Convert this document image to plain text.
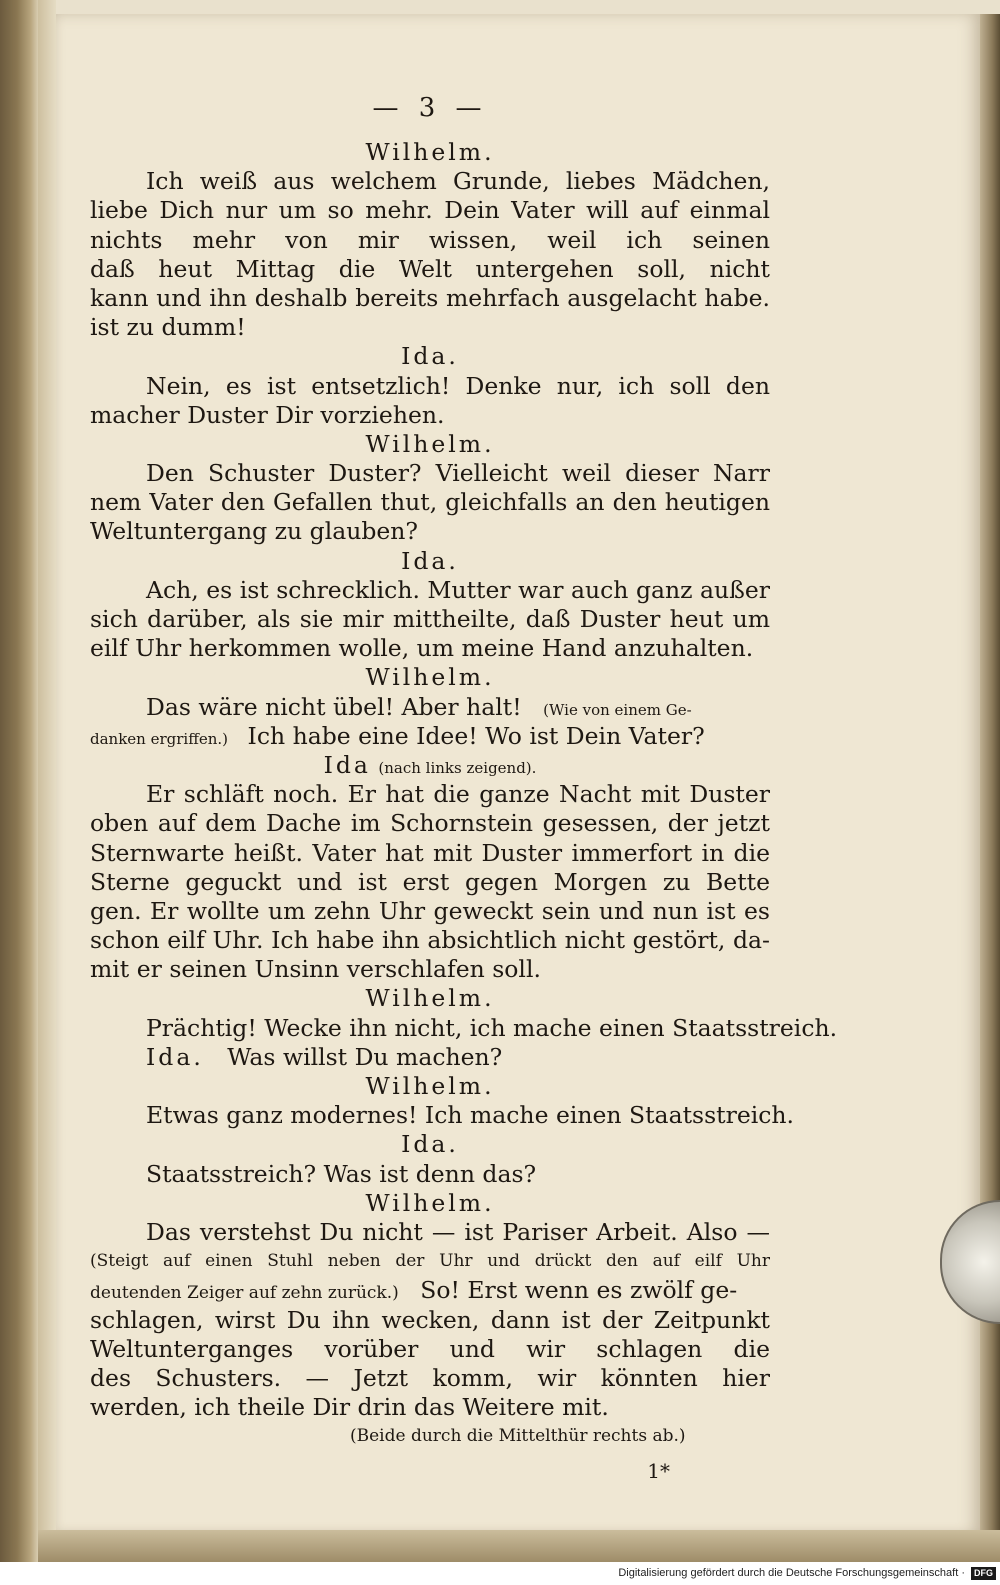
— 3 —
Wilhelm.
Ich weiß aus welchem Grunde, liebes Mädchen,
liebe Dich nur um so mehr. Dein Vater will auf einmal
nichts mehr von mir wissen, weil ich seinen
daß heut Mittag die Welt untergehen soll, nicht
kann und ihn deshalb bereits mehrfach ausgelacht habe.
ist zu dumm!
Ida.
Nein, es ist entsetzlich! Denke nur, ich soll den
macher Duster Dir vorziehen.
Wilhelm.
Den Schuster Duster? Vielleicht weil dieser Narr
nem Vater den Gefallen thut, gleichfalls an den heutigen
Weltuntergang zu glauben?
Ida.
Ach, es ist schrecklich. Mutter war auch ganz außer
sich darüber, als sie mir mittheilte, daß Duster heut um
eilf Uhr herkommen wolle, um meine Hand anzuhalten.
Wilhelm.
Das wäre nicht übel! Aber halt! (Wie von einem Ge-
danken ergriffen.) Ich habe eine Idee! Wo ist Dein Vater?
Ida (nach links zeigend).
Er schläft noch. Er hat die ganze Nacht mit Duster
oben auf dem Dache im Schornstein gesessen, der jetzt
Sternwarte heißt. Vater hat mit Duster immerfort in die
Sterne geguckt und ist erst gegen Morgen zu Bette
gen. Er wollte um zehn Uhr geweckt sein und nun ist es
schon eilf Uhr. Ich habe ihn absichtlich nicht gestört, da-
mit er seinen Unsinn verschlafen soll.
Wilhelm.
Prächtig! Wecke ihn nicht, ich mache einen Staatsstreich.
Ida. Was willst Du machen?
Wilhelm.
Etwas ganz modernes! Ich mache einen Staatsstreich.
Ida.
Staatsstreich? Was ist denn das?
Wilhelm.
Das verstehst Du nicht — ist Pariser Arbeit. Also —
(Steigt auf einen Stuhl neben der Uhr und drückt den auf eilf Uhr
deutenden Zeiger auf zehn zurück.) So! Erst wenn es zwölf ge-
schlagen, wirst Du ihn wecken, dann ist der Zeitpunkt
Weltunterganges vorüber und wir schlagen die
des Schusters. — Jetzt komm, wir könnten hier
werden, ich theile Dir drin das Weitere mit.
(Beide durch die Mittelthür rechts ab.)
1*
Digitalisierung gefördert durch die Deutsche Forschungsgemeinschaft · DFG
